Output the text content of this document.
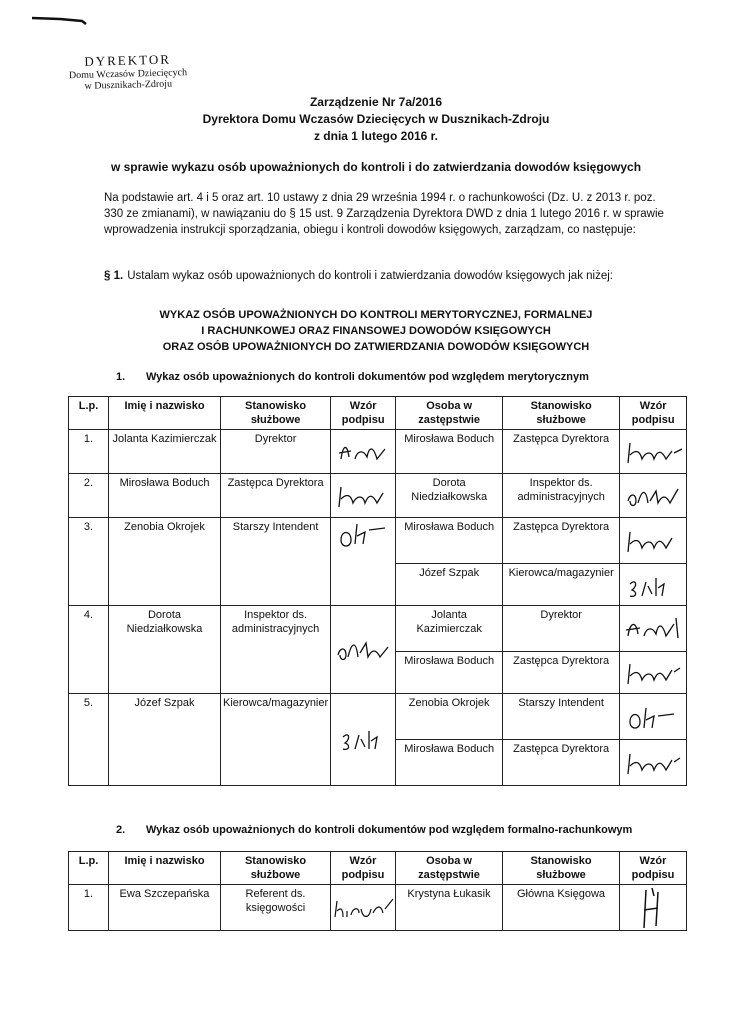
DYREKTOR
Domu Wczasów Dziecięcych
w Dusznikach-Zdroju
Zarządzenie Nr 7a/2016
Dyrektora Domu Wczasów Dziecięcych w Dusznikach-Zdroju
z dnia 1 lutego 2016 r.
w sprawie wykazu osób upoważnionych do kontroli i do zatwierdzania dowodów księgowych
Na podstawie art. 4 i 5 oraz art. 10 ustawy z dnia 29 września 1994 r. o rachunkowości (Dz. U. z 2013 r. poz. 330 ze zmianami), w nawiązaniu do § 15 ust. 9 Zarządzenia Dyrektora DWD z dnia 1 lutego 2016 r. w sprawie wprowadzenia instrukcji sporządzania, obiegu i kontroli dowodów księgowych, zarządzam, co następuje:
§ 1. Ustalam wykaz osób upoważnionych do kontroli i zatwierdzania dowodów księgowych jak niżej:
WYKAZ OSÓB UPOWAŻNIONYCH DO KONTROLI MERYTORYCZNEJ, FORMALNEJ
I RACHUNKOWEJ ORAZ FINANSOWEJ DOWODÓW KSIĘGOWYCH
ORAZ OSÓB UPOWAŻNIONYCH DO ZATWIERDZANIA DOWODÓW KSIĘGOWYCH
1. Wykaz osób upoważnionych do kontroli dokumentów pod względem merytorycznym
L.p.	Imię i nazwisko	Stanowisko służbowe	Wzór podpisu	Osoba w zastępstwie	Stanowisko służbowe	Wzór podpisu
1.	Jolanta Kazimierczak	Dyrektor		Mirosława Boduch	Zastępca Dyrektora	

2.	Mirosława Boduch	Zastępca Dyrektora		Dorota Niedziałkowska	Inspektor ds. administracyjnych	

3.	Zenobia Okrojek	Starszy Intendent		Mirosława Boduch	Zastępca Dyrektora	

				Józef Szpak	Kierowca/magazynier	

4.	Dorota Niedziałkowska	Inspektor ds. administracyjnych		Jolanta Kazimierczak	Dyrektor	

				Mirosława Boduch	Zastępca Dyrektora	

5.	Józef Szpak	Kierowca/magazynier		Zenobia Okrojek	Starszy Intendent	

				Mirosława Boduch	Zastępca Dyrektora	
2. Wykaz osób upoważnionych do kontroli dokumentów pod względem formalno-rachunkowym
L.p.	Imię i nazwisko	Stanowisko służbowe	Wzór podpisu	Osoba w zastępstwie	Stanowisko służbowe	Wzór podpisu
1.	Ewa Szczepańska	Referent ds. księgowości		Krystyna Łukasik	Główna Księgowa	
